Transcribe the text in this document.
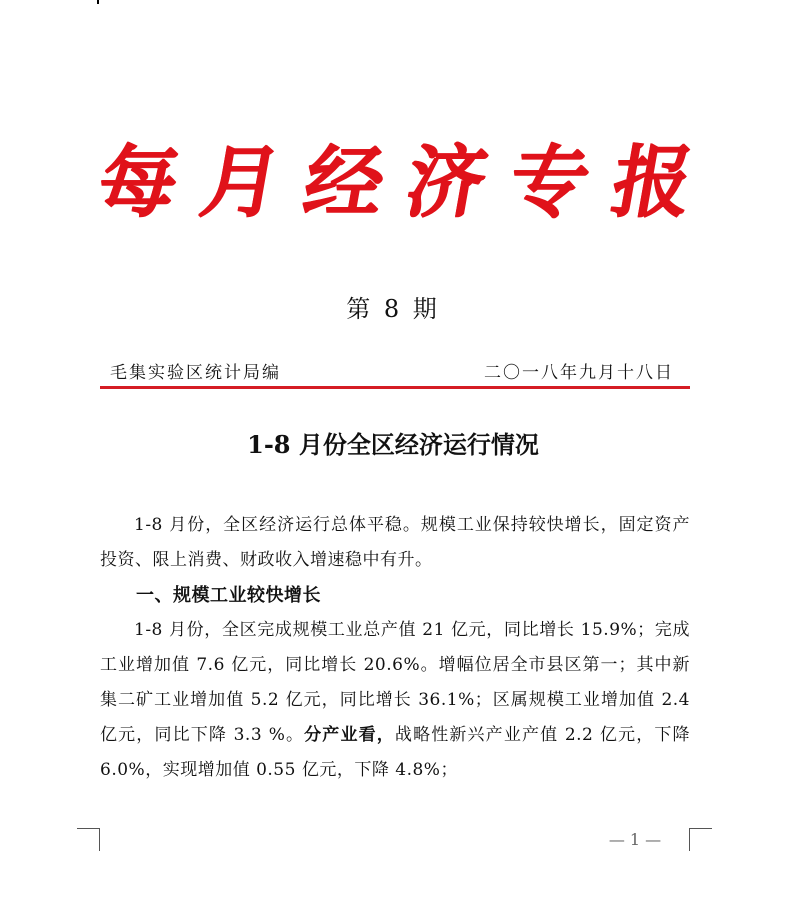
每 月 经 济 专 报
第 8 期
毛集实验区统计局编	二〇一八年九月十八日
1-8 月份全区经济运行情况

1-8 月份，全区经济运行总体平稳。规模工业保持较快增长，固定资产投资、限上消费、财政收入增速稳中有升。

一、规模工业较快增长

1-8 月份，全区完成规模工业总产值 21 亿元，同比增长 15.9%；完成工业增加值 7.6 亿元，同比增长 20.6%。增幅位居全市县区第一；其中新集二矿工业增加值 5.2 亿元，同比增长 36.1%；区属规模工业增加值 2.4 亿元，同比下降 3.3 %。分产业看，战略性新兴产业产值 2.2 亿元，下降 6.0%，实现增加值 0.55 亿元，下降 4.8%；

— 1 —
